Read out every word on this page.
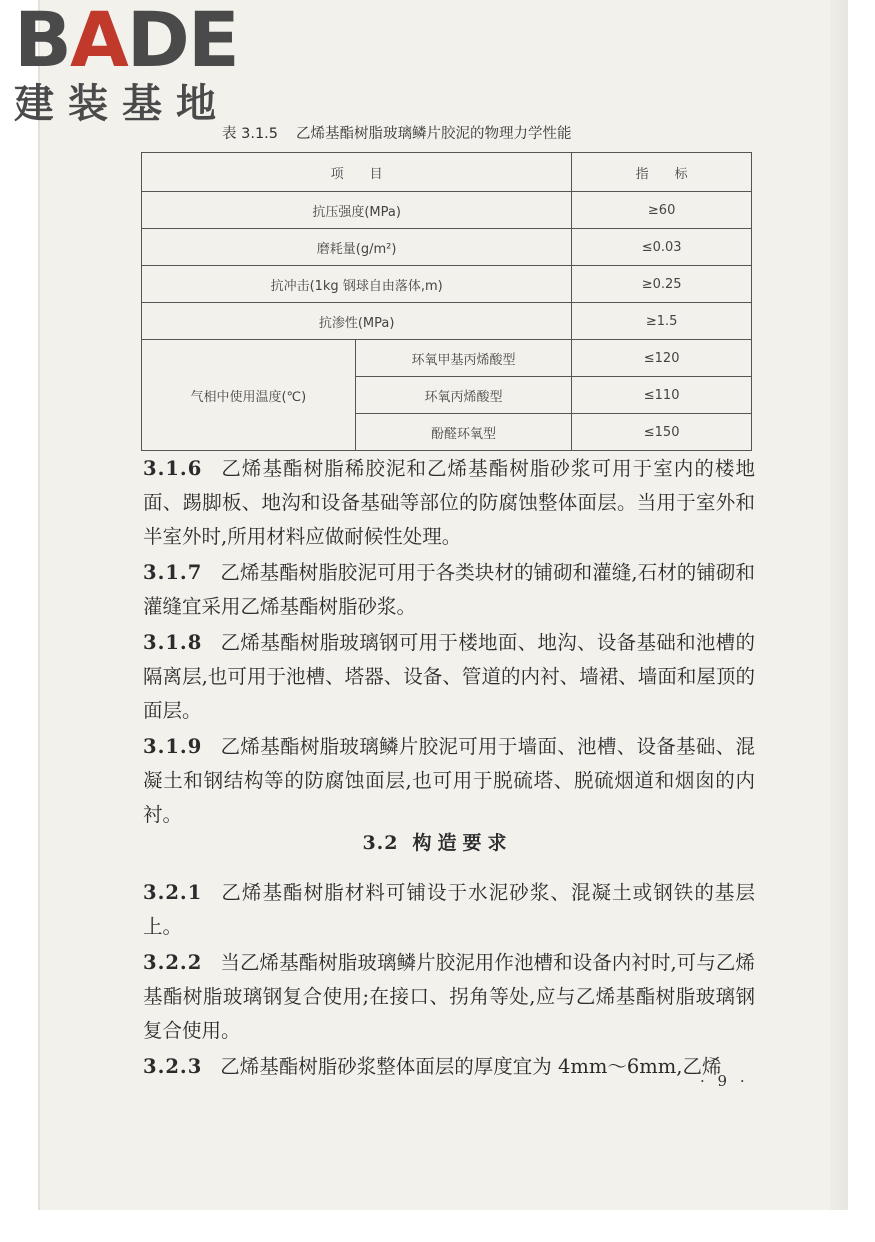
BADE
建装基地
表 3.1.5 乙烯基酯树脂玻璃鳞片胶泥的物理力学性能
项　　目		指　　标
抗压强度(MPa)		≥60
磨耗量(g/m²)		≤0.03
抗冲击(1kg 钢球自由落体,m)		≥0.25
抗渗性(MPa)		≥1.5
气相中使用温度(℃)	环氧甲基丙烯酸型	≤120
	环氧丙烯酸型	≤110
	酚醛环氧型	≤150

3.1.6 乙烯基酯树脂稀胶泥和乙烯基酯树脂砂浆可用于室内的楼地面、踢脚板、地沟和设备基础等部位的防腐蚀整体面层。当用于室外和半室外时,所用材料应做耐候性处理。

3.1.7 乙烯基酯树脂胶泥可用于各类块材的铺砌和灌缝,石材的铺砌和灌缝宜采用乙烯基酯树脂砂浆。

3.1.8 乙烯基酯树脂玻璃钢可用于楼地面、地沟、设备基础和池槽的隔离层,也可用于池槽、塔器、设备、管道的内衬、墙裙、墙面和屋顶的面层。

3.1.9 乙烯基酯树脂玻璃鳞片胶泥可用于墙面、池槽、设备基础、混凝土和钢结构等的防腐蚀面层,也可用于脱硫塔、脱硫烟道和烟囱的内衬。

3.2 构造要求

3.2.1 乙烯基酯树脂材料可铺设于水泥砂浆、混凝土或钢铁的基层上。

3.2.2 当乙烯基酯树脂玻璃鳞片胶泥用作池槽和设备内衬时,可与乙烯基酯树脂玻璃钢复合使用;在接口、拐角等处,应与乙烯基酯树脂玻璃钢复合使用。

3.2.3 乙烯基酯树脂砂浆整体面层的厚度宜为 4mm～6mm,乙烯

· 9 ·
